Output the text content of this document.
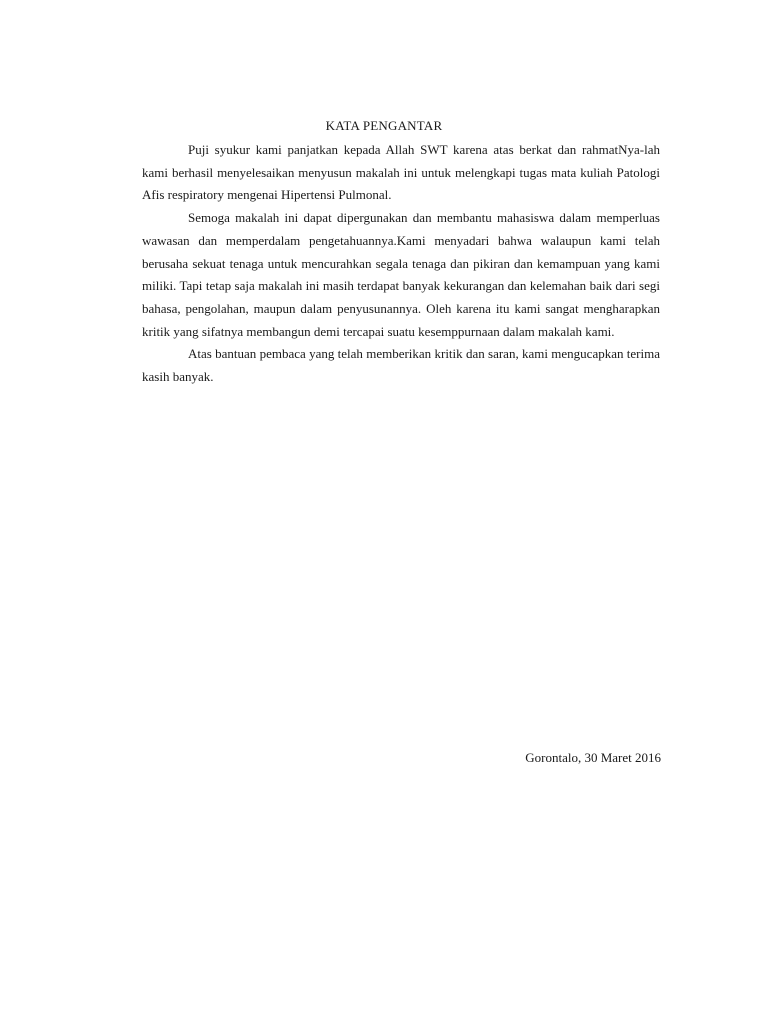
KATA PENGANTAR

Puji syukur kami panjatkan kepada Allah SWT karena atas berkat dan rahmatNya-lah kami berhasil menyelesaikan menyusun makalah ini untuk melengkapi tugas mata kuliah Patologi Afis respiratory mengenai Hipertensi Pulmonal.

Semoga makalah ini dapat dipergunakan dan membantu mahasiswa dalam memperluas wawasan dan memperdalam pengetahuannya.Kami menyadari bahwa walaupun kami telah berusaha sekuat tenaga untuk mencurahkan segala tenaga dan pikiran dan kemampuan yang kami miliki. Tapi tetap saja makalah ini masih terdapat banyak kekurangan dan kelemahan baik dari segi bahasa, pengolahan, maupun dalam penyusunannya. Oleh karena itu kami sangat mengharapkan kritik yang sifatnya membangun demi tercapai suatu kesemppurnaan dalam makalah kami.

Atas bantuan pembaca yang telah memberikan kritik dan saran, kami mengucapkan terima kasih banyak.

Gorontalo, 30 Maret 2016
